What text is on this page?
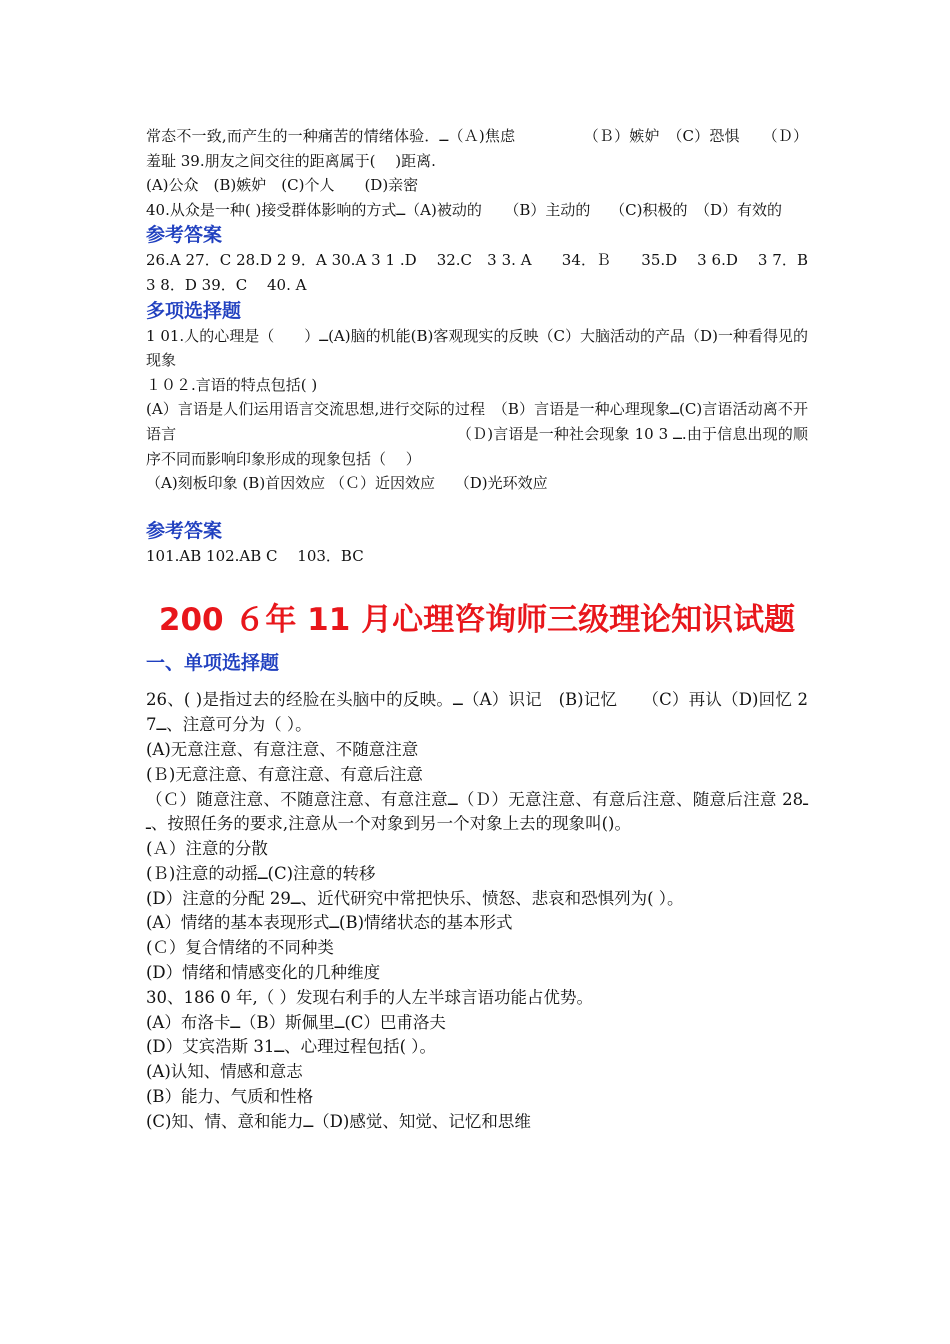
常态不一致,而产生的一种痛苦的情绪体验．ــ（Ａ)焦虑　　　　　（Ｂ）嫉妒　（C）恐惧　　（Ｄ）羞耻 39.朋友之间交往的距离属于(　 )距离.

(A)公众　(B)嫉妒　(C)个人　　(D)亲密

40.从众是一种( )接受群体影响的方式ــ（A)被动的　　（B）主动的　 （C)积极的　（D）有效的

参考答案

26.A 27．C 28.D 2 9．A 30.A 3 1 .D　 32.C　3 3. A　　34．Ｂ　　35.D　 3 6.D　 3 7．B 3 8．D 39．C　 40. A

多项选择题

1 01.人的心理是（　　）ــ(A)脑的机能(B)客观现实的反映（C）大脑活动的产品（D)一种看得见的现象

１０２.言语的特点包括( )

(A）言语是人们运用语言交流思想,进行交际的过程　（B）言语是一种心理现象ــ(C)言语活动离不开语言　　　　　　　　　　　　　　　　　　　（Ｄ)言语是一种社会现象 10 3 ــ.由于信息出现的顺序不同而影响印象形成的现象包括（　 ）

（A)刻板印象 (B)首因效应 （Ｃ）近因效应　 （D)光环效应

参考答案

101.AB 102.AB C　 103．BC

200 ６年 11 月心理咨询师三级理论知识试题
一、单项选择题

26、( )是指过去的经脸在头脑中的反映。ــ（A）识记　(B)记忆　　（C）再认（D)回忆 27ــ、注意可分为（ ）。

(A)无意注意、有意注意、不随意注意

(Ｂ)无意注意、有意注意、有意后注意

（Ｃ）随意注意、不随意注意、有意注意ــ（Ｄ）无意注意、有意后注意、随意后注意 28ــ、按照任务的要求,注意从一个对象到另一个对象上去的现象叫()。

(Ａ）注意的分散

(Ｂ)注意的动摇ــ(C)注意的转移

(D）注意的分配 29ــ、近代研究中常把快乐、愤怒、悲哀和恐惧列为( ）。

(A）情绪的基本表现形式ــ(B)情绪状态的基本形式

(Ｃ）复合情绪的不同种类

(D）情绪和情感变化的几种维度

30、186 0 年,（ ）发现右利手的人左半球言语功能占优势。

(A）布洛卡ــ（B）斯佩里ــ(C）巴甫洛夫

(D）艾宾浩斯 31ــ、心理过程包括( ）。

(A)认知、情感和意志

(B）能力、气质和性格

(C)知、情、意和能力ــ（D)感觉、知觉、记忆和思维
